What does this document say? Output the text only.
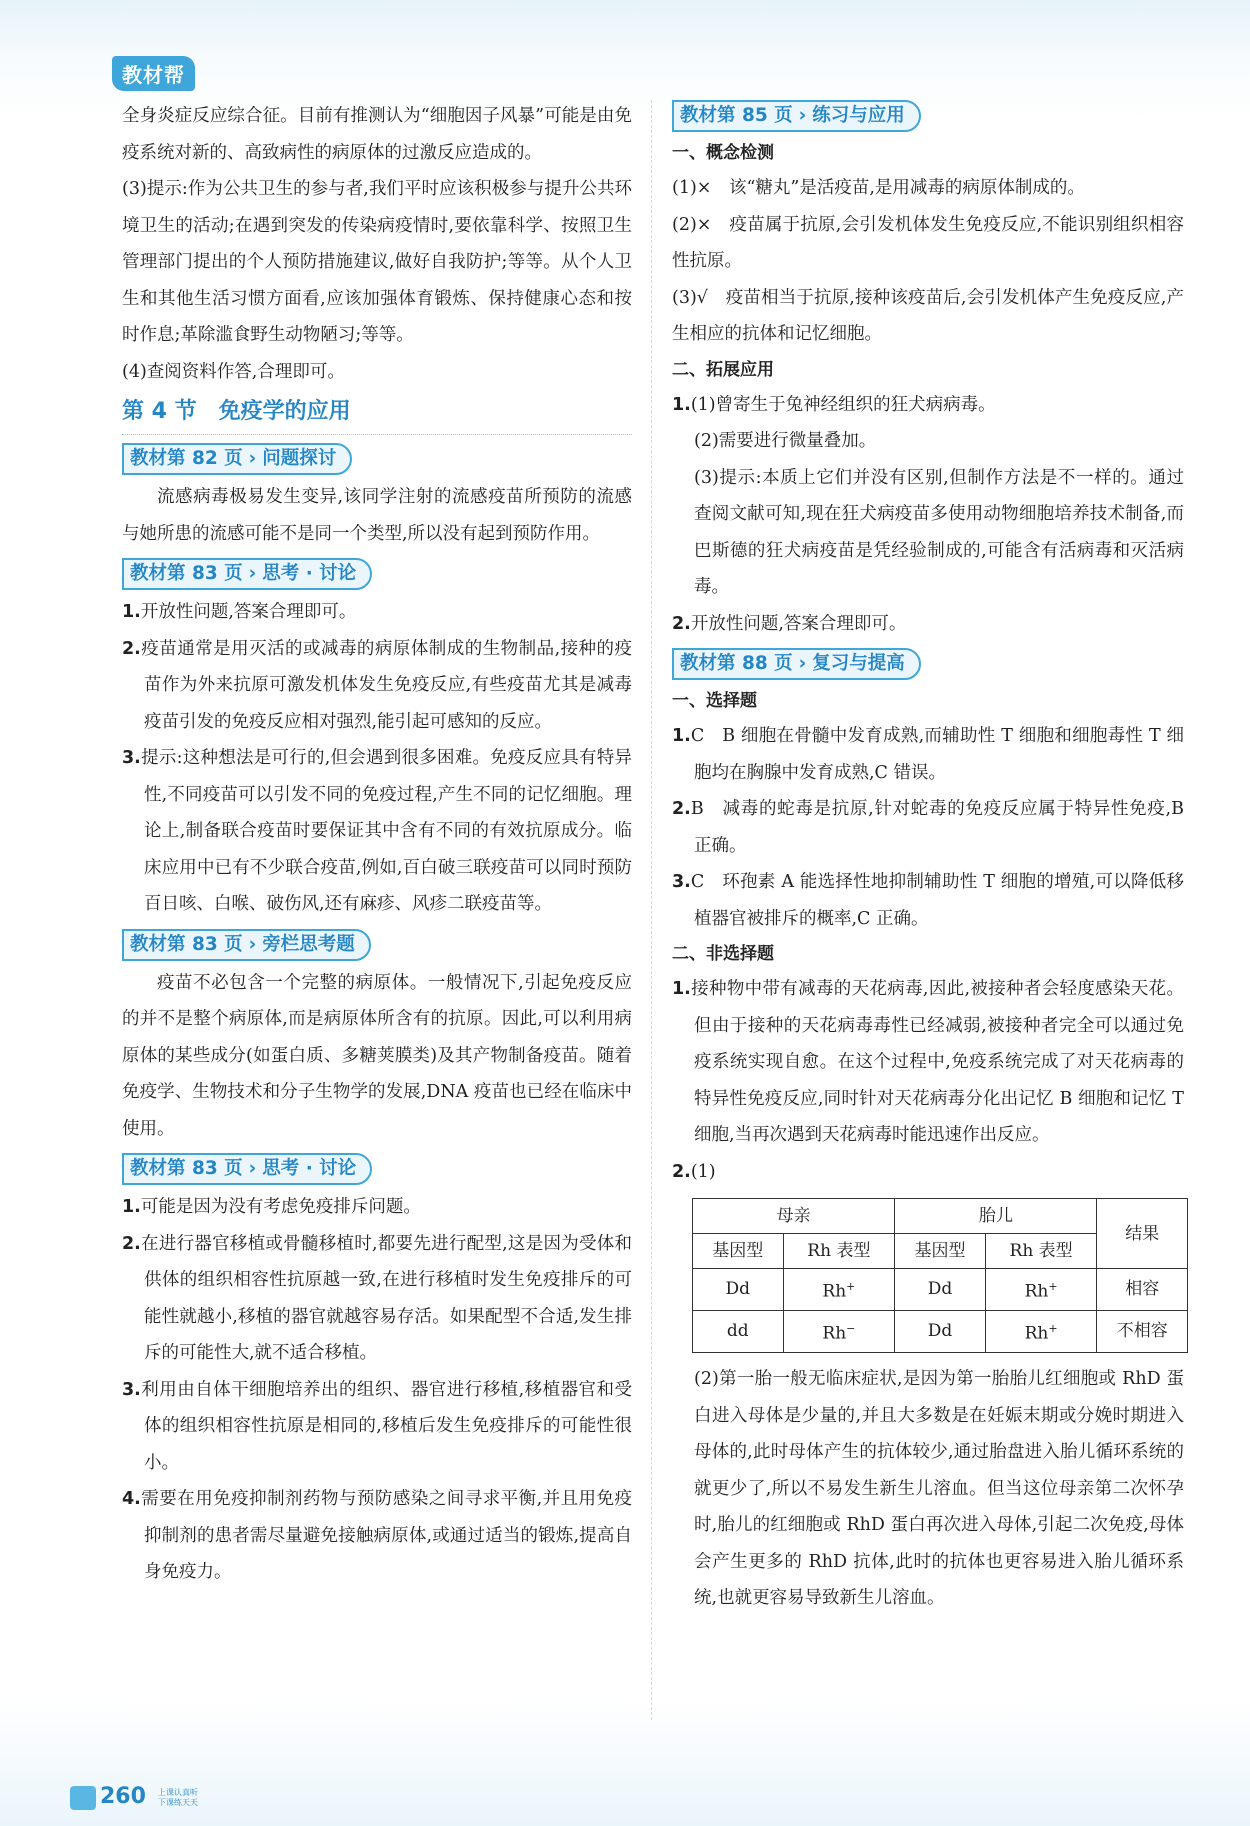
教材帮

全身炎症反应综合征。目前有推测认为“细胞因子风暴”可能是由免疫系统对新的、高致病性的病原体的过激反应造成的。

(3)提示:作为公共卫生的参与者,我们平时应该积极参与提升公共环境卫生的活动;在遇到突发的传染病疫情时,要依靠科学、按照卫生管理部门提出的个人预防措施建议,做好自我防护;等等。从个人卫生和其他生活习惯方面看,应该加强体育锻炼、保持健康心态和按时作息;革除滥食野生动物陋习;等等。

(4)查阅资料作答,合理即可。

第 4 节　免疫学的应用
教材第 82 页 › 问题探讨

流感病毒极易发生变异,该同学注射的流感疫苗所预防的流感与她所患的流感可能不是同一个类型,所以没有起到预防作用。

教材第 83 页 › 思考 · 讨论

1.开放性问题,答案合理即可。

2.疫苗通常是用灭活的或减毒的病原体制成的生物制品,接种的疫苗作为外来抗原可激发机体发生免疫反应,有些疫苗尤其是减毒疫苗引发的免疫反应相对强烈,能引起可感知的反应。

3.提示:这种想法是可行的,但会遇到很多困难。免疫反应具有特异性,不同疫苗可以引发不同的免疫过程,产生不同的记忆细胞。理论上,制备联合疫苗时要保证其中含有不同的有效抗原成分。临床应用中已有不少联合疫苗,例如,百白破三联疫苗可以同时预防百日咳、白喉、破伤风,还有麻疹、风疹二联疫苗等。

教材第 83 页 › 旁栏思考题

疫苗不必包含一个完整的病原体。一般情况下,引起免疫反应的并不是整个病原体,而是病原体所含有的抗原。因此,可以利用病原体的某些成分(如蛋白质、多糖荚膜类)及其产物制备疫苗。随着免疫学、生物技术和分子生物学的发展,DNA 疫苗也已经在临床中使用。

教材第 83 页 › 思考 · 讨论

1.可能是因为没有考虑免疫排斥问题。

2.在进行器官移植或骨髓移植时,都要先进行配型,这是因为受体和供体的组织相容性抗原越一致,在进行移植时发生免疫排斥的可能性就越小,移植的器官就越容易存活。如果配型不合适,发生排斥的可能性大,就不适合移植。

3.利用由自体干细胞培养出的组织、器官进行移植,移植器官和受体的组织相容性抗原是相同的,移植后发生免疫排斥的可能性很小。

4.需要在用免疫抑制剂药物与预防感染之间寻求平衡,并且用免疫抑制剂的患者需尽量避免接触病原体,或通过适当的锻炼,提高自身免疫力。

教材第 85 页 › 练习与应用
一、概念检测

(1)×　该“糖丸”是活疫苗,是用减毒的病原体制成的。

(2)×　疫苗属于抗原,会引发机体发生免疫反应,不能识别组织相容性抗原。

(3)√　疫苗相当于抗原,接种该疫苗后,会引发机体产生免疫反应,产生相应的抗体和记忆细胞。

二、拓展应用

1.(1)曾寄生于兔神经组织的狂犬病病毒。

(2)需要进行微量叠加。

(3)提示:本质上它们并没有区别,但制作方法是不一样的。通过查阅文献可知,现在狂犬病疫苗多使用动物细胞培养技术制备,而巴斯德的狂犬病疫苗是凭经验制成的,可能含有活病毒和灭活病毒。

2.开放性问题,答案合理即可。

教材第 88 页 › 复习与提高
一、选择题

1.C　B 细胞在骨髓中发育成熟,而辅助性 T 细胞和细胞毒性 T 细胞均在胸腺中发育成熟,C 错误。

2.B　减毒的蛇毒是抗原,针对蛇毒的免疫反应属于特异性免疫,B 正确。

3.C　环孢素 A 能选择性地抑制辅助性 T 细胞的增殖,可以降低移植器官被排斥的概率,C 正确。

二、非选择题

1.接种物中带有减毒的天花病毒,因此,被接种者会轻度感染天花。但由于接种的天花病毒毒性已经减弱,被接种者完全可以通过免疫系统实现自愈。在这个过程中,免疫系统完成了对天花病毒的特异性免疫反应,同时针对天花病毒分化出记忆 B 细胞和记忆 T 细胞,当再次遇到天花病毒时能迅速作出反应。

2.(1)

母亲		胎儿		结果
基因型	Rh 表型	基因型	Rh 表型	
Dd	Rh+	Dd	Rh+	相容
dd	Rh−	Dd	Rh+	不相容

(2)第一胎一般无临床症状,是因为第一胎胎儿红细胞或 RhD 蛋白进入母体是少量的,并且大多数是在妊娠末期或分娩时期进入母体的,此时母体产生的抗体较少,通过胎盘进入胎儿循环系统的就更少了,所以不易发生新生儿溶血。但当这位母亲第二次怀孕时,胎儿的红细胞或 RhD 蛋白再次进入母体,引起二次免疫,母体会产生更多的 RhD 抗体,此时的抗体也更容易进入胎儿循环系统,也就更容易导致新生儿溶血。

260 上课认真听
下课练天天
